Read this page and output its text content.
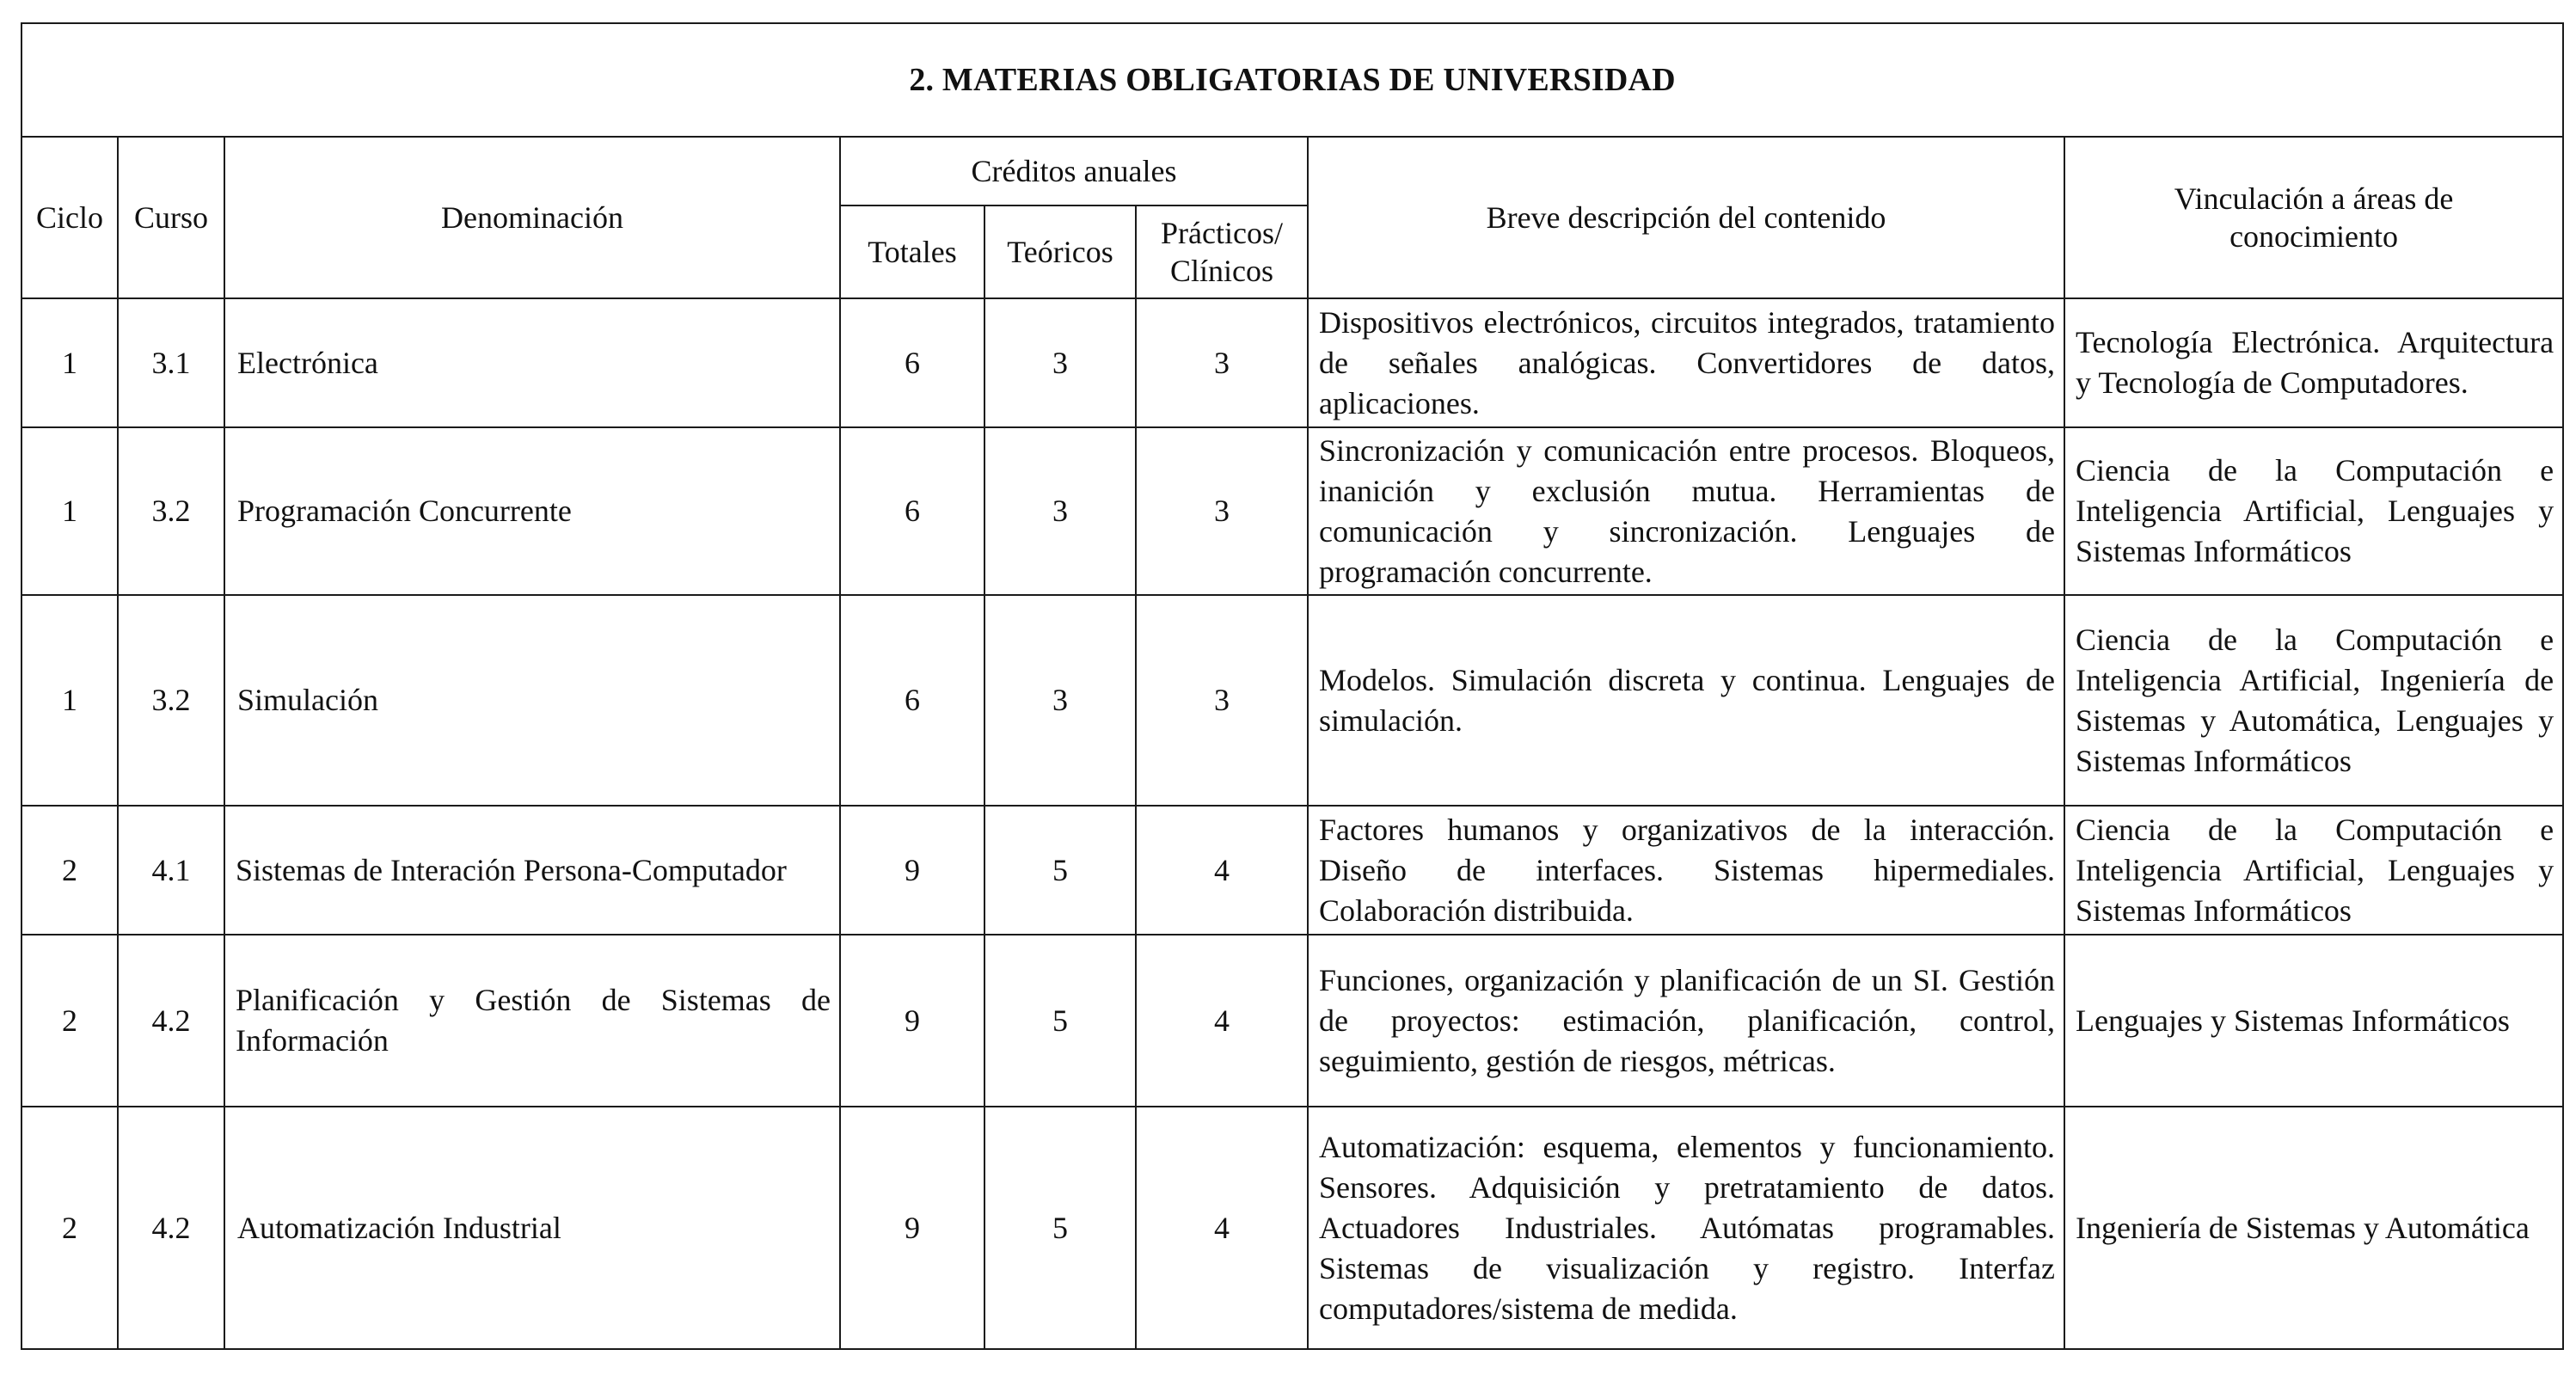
2. MATERIAS OBLIGATORIAS DE UNIVERSIDAD							
Ciclo	Curso	Denominación	Créditos anuales			Breve descripción del contenido	Vinculación a áreas de conocimiento
			Totales	Teóricos	Prácticos/ Clínicos		
1	3.1	Electrónica	6	3	3	Dispositivos electrónicos, circuitos integrados, tratamiento de señales analógicas. Convertidores de datos, aplicaciones.	Tecnología Electrónica. Arquitectura y Tecnología de Computadores.
1	3.2	Programación Concurrente	6	3	3	Sincronización y comunicación entre procesos. Bloqueos, inanición y exclusión mutua. Herramientas de comunicación y sincronización. Lenguajes de programación concurrente.	Ciencia de la Computación e Inteligencia Artificial, Lenguajes y Sistemas Informáticos
1	3.2	Simulación	6	3	3	Modelos. Simulación discreta y continua. Lenguajes de simulación.	Ciencia de la Computación e Inteligencia Artificial, Ingeniería de Sistemas y Automática, Lenguajes y Sistemas Informáticos
2	4.1	Sistemas de Interación Persona-Computador	9	5	4	Factores humanos y organizativos de la interacción. Diseño de interfaces. Sistemas hipermediales. Colaboración distribuida.	Ciencia de la Computación e Inteligencia Artificial, Lenguajes y Sistemas Informáticos
2	4.2	Planificación y Gestión de Sistemas de Información	9	5	4	Funciones, organización y planificación de un SI. Gestión de proyectos: estimación, planificación, control, seguimiento, gestión de riesgos, métricas.	Lenguajes y Sistemas Informáticos
2	4.2	Automatización Industrial	9	5	4	Automatización: esquema, elementos y funcionamiento. Sensores. Adquisición y pretratamiento de datos. Actuadores Industriales. Autómatas programables. Sistemas de visualización y registro. Interfaz computadores/sistema de medida.	Ingeniería de Sistemas y Automática
